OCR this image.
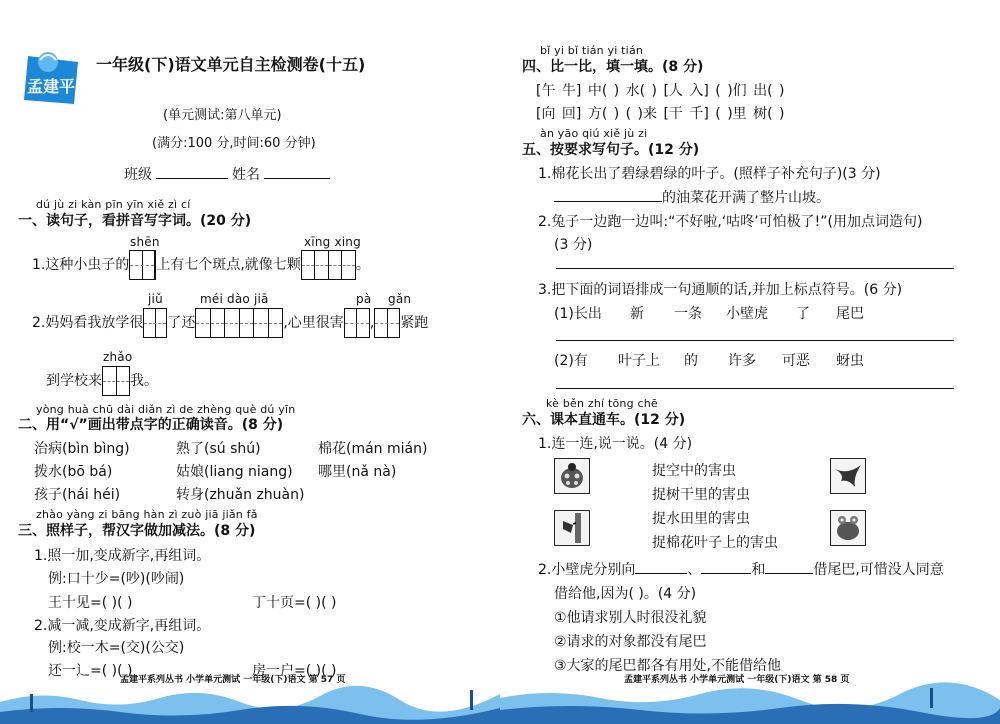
孟建平
一年级(下)语文单元自主检测卷(十五)
(单元测试:第八单元)
(满分:100 分,时间:60 分钟)
班级	姓名
dú jù zi kàn pīn yīn xiě zì cí
一、读句子，看拼音写字词。(20 分)
shēn	xīng xing
1.这种小虫子的 上有七个斑点,就像七颗	。
jiǔ	méi dào jiā	pà gǎn
2.妈妈看我放学很 了还	,心里很害 , 紧跑
zhǎo
到学校来 我。
yòng huà chū dài diǎn zì de zhèng què dú yīn
二、用“√”画出带点字的正确读音。(8 分)
治病(bìn bìng)	熟了(sú shú)	棉花(mán mián)
拨水(bō bá)	姑娘(liang niang) 哪里(nǎ nà)
孩子(hái héi)	转身(zhuǎn zhuàn)
zhào yàng zi bāng hàn zì zuò jiā jiǎn fǎ
三、照样子，帮汉字做加减法。(8 分)
1.照一加,变成新字,再组词。
例:口十少=(吵)(吵闹)
王十见=( )( )	丁十页=( )( )
2.减一减,变成新字,再组词。
例:校一木=(交)(公交)
还一辶=( )( )	房一户=( )( )
孟建平系列丛书 小学单元测试 一年级(下)语文 第 57 页
bǐ yi bǐ tián yi tián
四、比一比，填一填。(8 分)
[午 牛] 中( ) 水( ) [人 入] ( )们 出( )
[向 回] 方( ) ( )来 [干 千] ( )里 树( )
àn yāo qiú xiě jù zi
五、按要求写句子。(12 分)
1.棉花长出了碧绿碧绿的叶子。(照样子补充句子)(3 分)
的油菜花开满了整片山坡。
2.兔子一边跑一边叫:“不好啦,‘咕咚’可怕极了!”(用加点词造句)
(3 分)
3.把下面的词语排成一句通顺的话,并加上标点符号。(6 分)
(1)长出 新 一条 小壁虎 了 尾巴
(2)有 叶子上 的 许多 可恶 蚜虫
kè běn zhí tōng chē
六、课本直通车。(12 分)
1.连一连,说一说。(4 分)
捉空中的害虫
捉树干里的害虫
捉水田里的害虫
捉棉花叶子上的害虫
2.小壁虎分别向	、	和	借尾巴,可惜没人同意
借给他,因为( )。(4 分)
①他请求别人时很没礼貌
②请求的对象都没有尾巴
③大家的尾巴都各有用处,不能借给他
孟建平系列丛书 小学单元测试 一年级(下)语文 第 58 页
